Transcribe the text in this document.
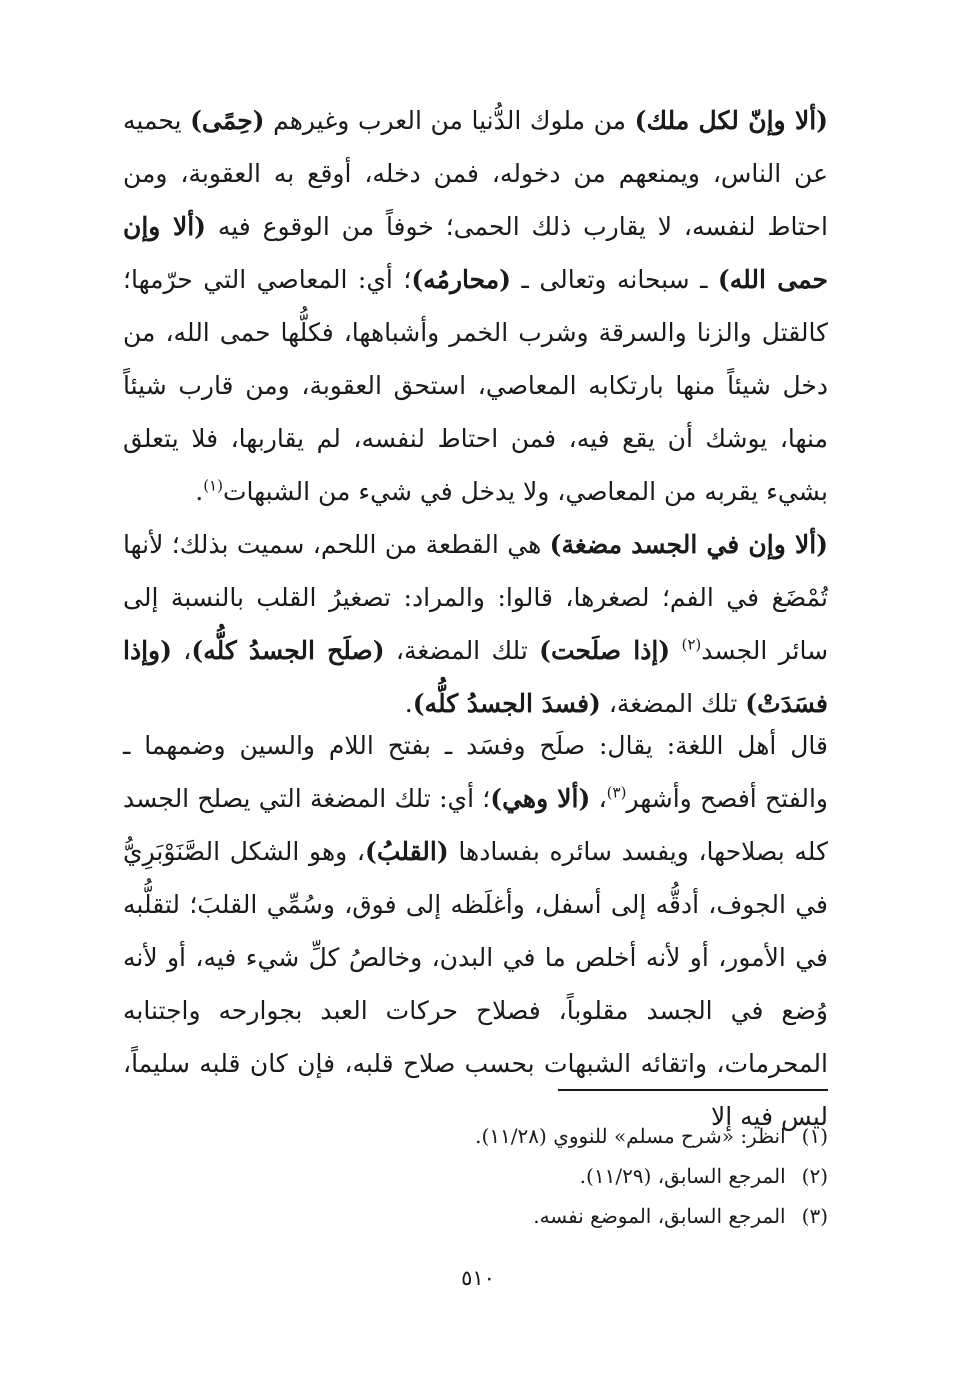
(ألا وإنّ لكل ملك) من ملوك الدُّنيا من العرب وغيرهم (حِمًى) يحميه عن الناس، ويمنعهم من دخوله، فمن دخله، أوقع به العقوبة، ومن احتاط لنفسه، لا يقارب ذلك الحمى؛ خوفاً من الوقوع فيه (ألا وإن حمى الله) ـ سبحانه وتعالى ـ (محارمُه)؛ أي: المعاصي التي حرّمها؛ كالقتل والزنا والسرقة وشرب الخمر وأشباهها، فكلُّها حمى الله، من دخل شيئاً منها بارتكابه المعاصي، استحق العقوبة، ومن قارب شيئاً منها، يوشك أن يقع فيه، فمن احتاط لنفسه، لم يقاربها، فلا يتعلق بشيء يقربه من المعاصي، ولا يدخل في شيء من الشبهات$^{(١)}$.

(ألا وإن في الجسد مضغة) هي القطعة من اللحم، سميت بذلك؛ لأنها تُمْضَغ في الفم؛ لصغرها، قالوا: والمراد: تصغيرُ القلب بالنسبة إلى سائر الجسد$^{(٢)}$ (إذا صلَحت) تلك المضغة، (صلَح الجسدُ كلُّه)، (وإذا فسَدَتْ) تلك المضغة، (فسدَ الجسدُ كلُّه).

قال أهل اللغة: يقال: صلَح وفسَد ـ بفتح اللام والسين وضمهما ـ والفتح أفصح وأشهر$^{(٣)}$، (ألا وهي)؛ أي: تلك المضغة التي يصلح الجسد كله بصلاحها، ويفسد سائره بفسادها (القلبُ)، وهو الشكل الصَّنَوْبَرِيُّ في الجوف، أدقُّه إلى أسفل، وأغلَظه إلى فوق، وسُمِّي القلبَ؛ لتقلُّبه في الأمور، أو لأنه أخلص ما في البدن، وخالصُ كلِّ شيء فيه، أو لأنه وُضع في الجسد مقلوباً، فصلاح حركات العبد بجوارحه واجتنابه المحرمات، واتقائه الشبهات بحسب صلاح قلبه، فإن كان قلبه سليماً، ليس فيه إلا

(١)
انظر: «شرح مسلم» للنووي (١١/٢٨).
(٢)
المرجع السابق، (١١/٢٩).
(٣)
المرجع السابق، الموضع نفسه.
٥١٠
